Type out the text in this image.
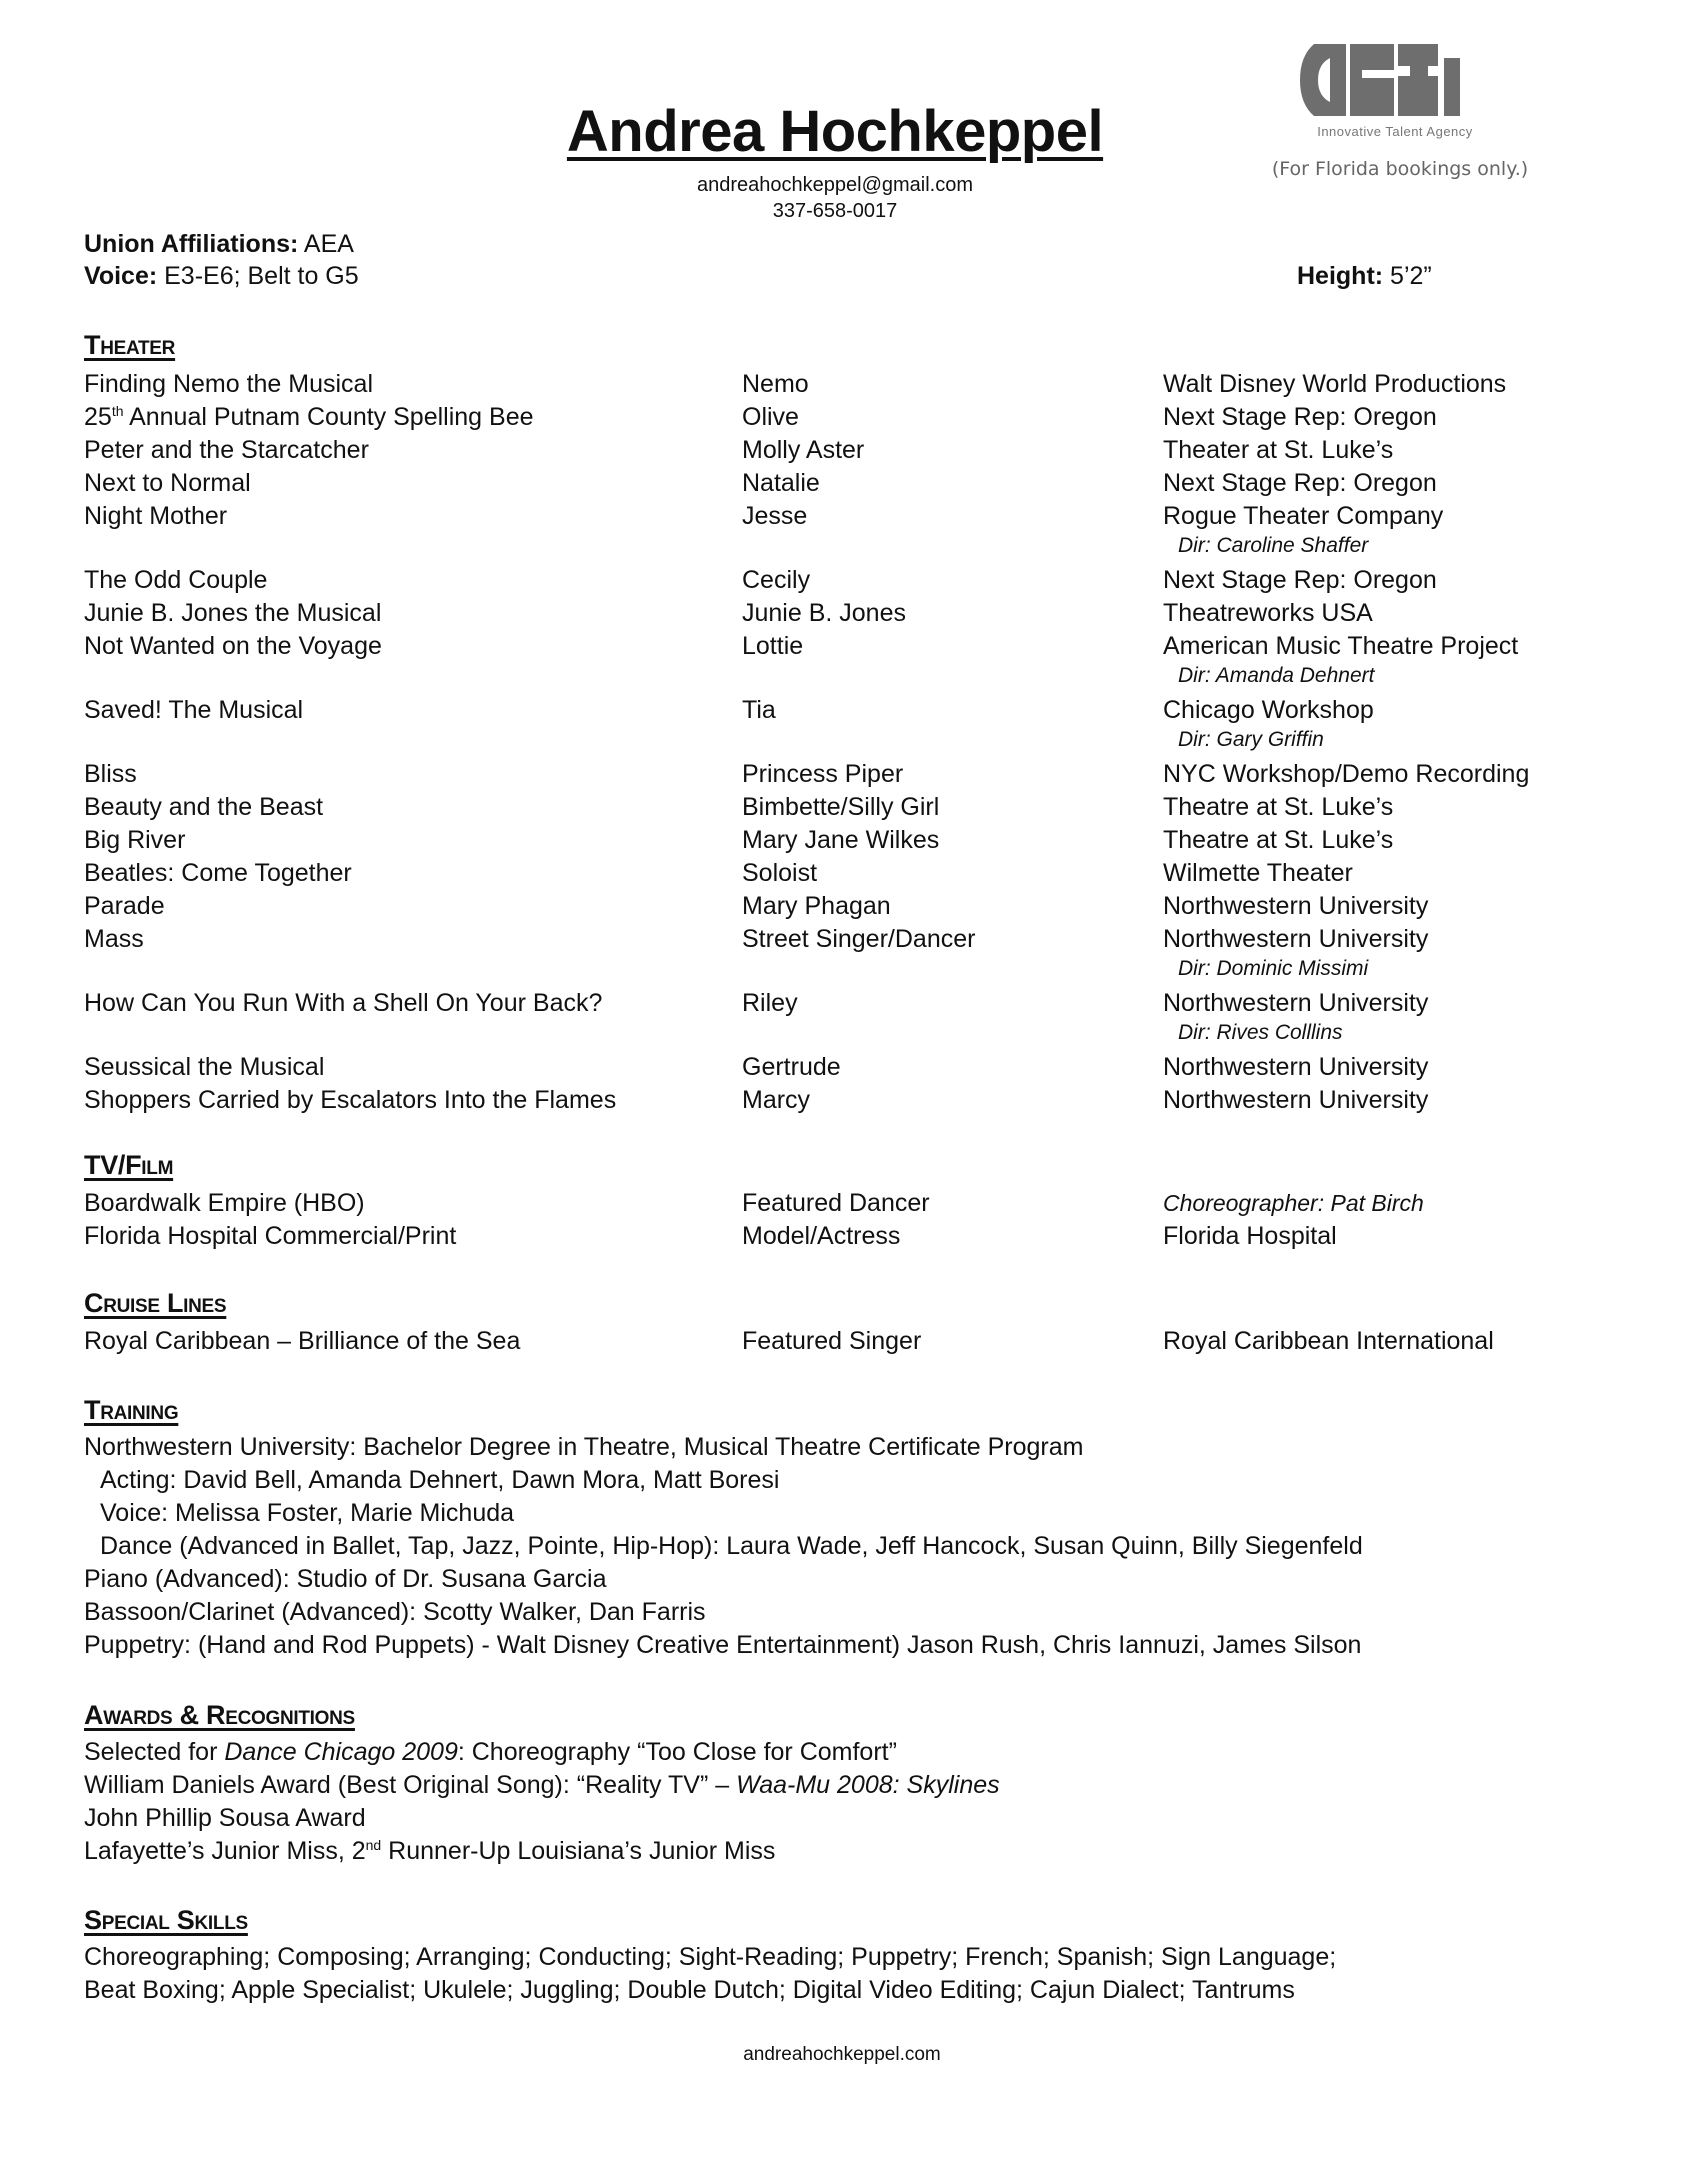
Andrea Hochkeppel
andreahochkeppel@gmail.com
337-658-0017
Innovative Talent Agency
(For Florida bookings only.)
Union Affiliations: AEA
Voice: E3-E6; Belt to G5	Height: 5’2”
Theater
Finding Nemo the Musical	Nemo	Walt Disney World Productions
25th Annual Putnam County Spelling Bee	Olive	Next Stage Rep: Oregon
Peter and the Starcatcher	Molly Aster	Theater at St. Luke’s
Next to Normal	Natalie	Next Stage Rep: Oregon
Night Mother	Jesse	Rogue Theater Company
Dir: Caroline Shaffer
The Odd Couple	Cecily	Next Stage Rep: Oregon
Junie B. Jones the Musical	Junie B. Jones	Theatreworks USA
Not Wanted on the Voyage	Lottie	American Music Theatre Project
Dir: Amanda Dehnert
Saved! The Musical	Tia	Chicago Workshop
Dir: Gary Griffin
Bliss	Princess Piper	NYC Workshop/Demo Recording
Beauty and the Beast	Bimbette/Silly Girl	Theatre at St. Luke’s
Big River	Mary Jane Wilkes	Theatre at St. Luke’s
Beatles: Come Together	Soloist	Wilmette Theater
Parade	Mary Phagan	Northwestern University
Mass	Street Singer/Dancer	Northwestern University
Dir: Dominic Missimi
How Can You Run With a Shell On Your Back?	Riley	Northwestern University
Dir: Rives Colllins
Seussical the Musical	Gertrude	Northwestern University
Shoppers Carried by Escalators Into the Flames	Marcy	Northwestern University
TV/Film
Boardwalk Empire (HBO)	Featured Dancer	Choreographer: Pat Birch
Florida Hospital Commercial/Print	Model/Actress	Florida Hospital
Cruise Lines
Royal Caribbean – Brilliance of the Sea	Featured Singer	Royal Caribbean International
Training
Northwestern University: Bachelor Degree in Theatre, Musical Theatre Certificate Program
Acting: David Bell, Amanda Dehnert, Dawn Mora, Matt Boresi
Voice: Melissa Foster, Marie Michuda
Dance (Advanced in Ballet, Tap, Jazz, Pointe, Hip-Hop): Laura Wade, Jeff Hancock, Susan Quinn, Billy Siegenfeld
Piano (Advanced): Studio of Dr. Susana Garcia
Bassoon/Clarinet (Advanced): Scotty Walker, Dan Farris
Puppetry: (Hand and Rod Puppets) - Walt Disney Creative Entertainment) Jason Rush, Chris Iannuzi, James Silson
Awards & Recognitions
Selected for Dance Chicago 2009: Choreography “Too Close for Comfort”
William Daniels Award (Best Original Song): “Reality TV” – Waa-Mu 2008: Skylines
John Phillip Sousa Award
Lafayette’s Junior Miss, 2nd Runner-Up Louisiana’s Junior Miss
Special Skills
Choreographing; Composing; Arranging; Conducting; Sight-Reading; Puppetry; French; Spanish; Sign Language;
Beat Boxing; Apple Specialist; Ukulele; Juggling; Double Dutch; Digital Video Editing; Cajun Dialect; Tantrums
andreahochkeppel.com
